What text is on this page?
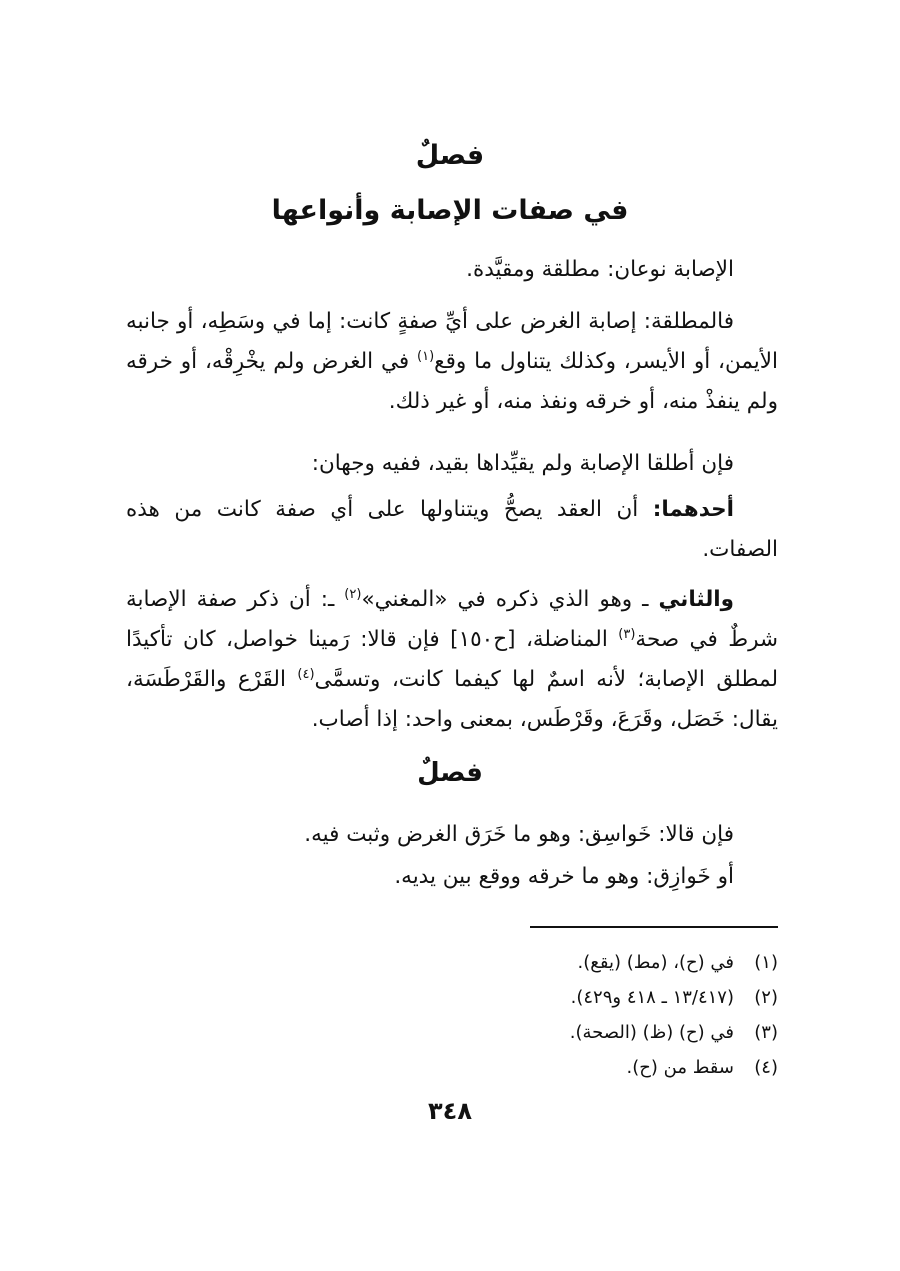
فصلٌ
في صفات الإصابة وأنواعها
الإصابة نوعان: مطلقة ومقيَّدة.
فالمطلقة: إصابة الغرض على أيِّ صفةٍ كانت: إما في وسَطِه، أو جانبه الأيمن، أو الأيسر، وكذلك يتناول ما وقع$^{(١)}$ في الغرض ولم يخْرِقْه، أو خرقه ولم ينفذْ منه، أو خرقه ونفذ منه، أو غير ذلك.
فإن أطلقا الإصابة ولم يقيِّداها بقيد، ففيه وجهان:
أحدهما: أن العقد يصحُّ ويتناولها على أي صفة كانت من هذه الصفات.
والثاني ـ وهو الذي ذكره في «المغني»$^{(٢)}$ ـ: أن ذكر صفة الإصابة شرطٌ في صحة$^{(٣)}$ المناضلة، [ح١٥٠] فإن قالا: رَمينا خواصل، كان تأكيدًا لمطلق الإصابة؛ لأنه اسمٌ لها كيفما كانت، وتسمَّى$^{(٤)}$ القَرْع والقَرْطَسَة، يقال: خَصَل، وقَرَعَ، وقَرْطَس، بمعنى واحد: إذا أصاب.
فصلٌ
فإن قالا: خَواسِق: وهو ما خَرَق الغرض وثبت فيه.
أو خَوازِق: وهو ما خرقه ووقع بين يديه.
(١)في (ح)، (مط) (يقع).
(٢)(١٣/٤١٧ ـ ٤١٨ و٤٢٩).
(٣)في (ح) (ظ) (الصحة).
(٤)سقط من (ح).
٣٤٨
